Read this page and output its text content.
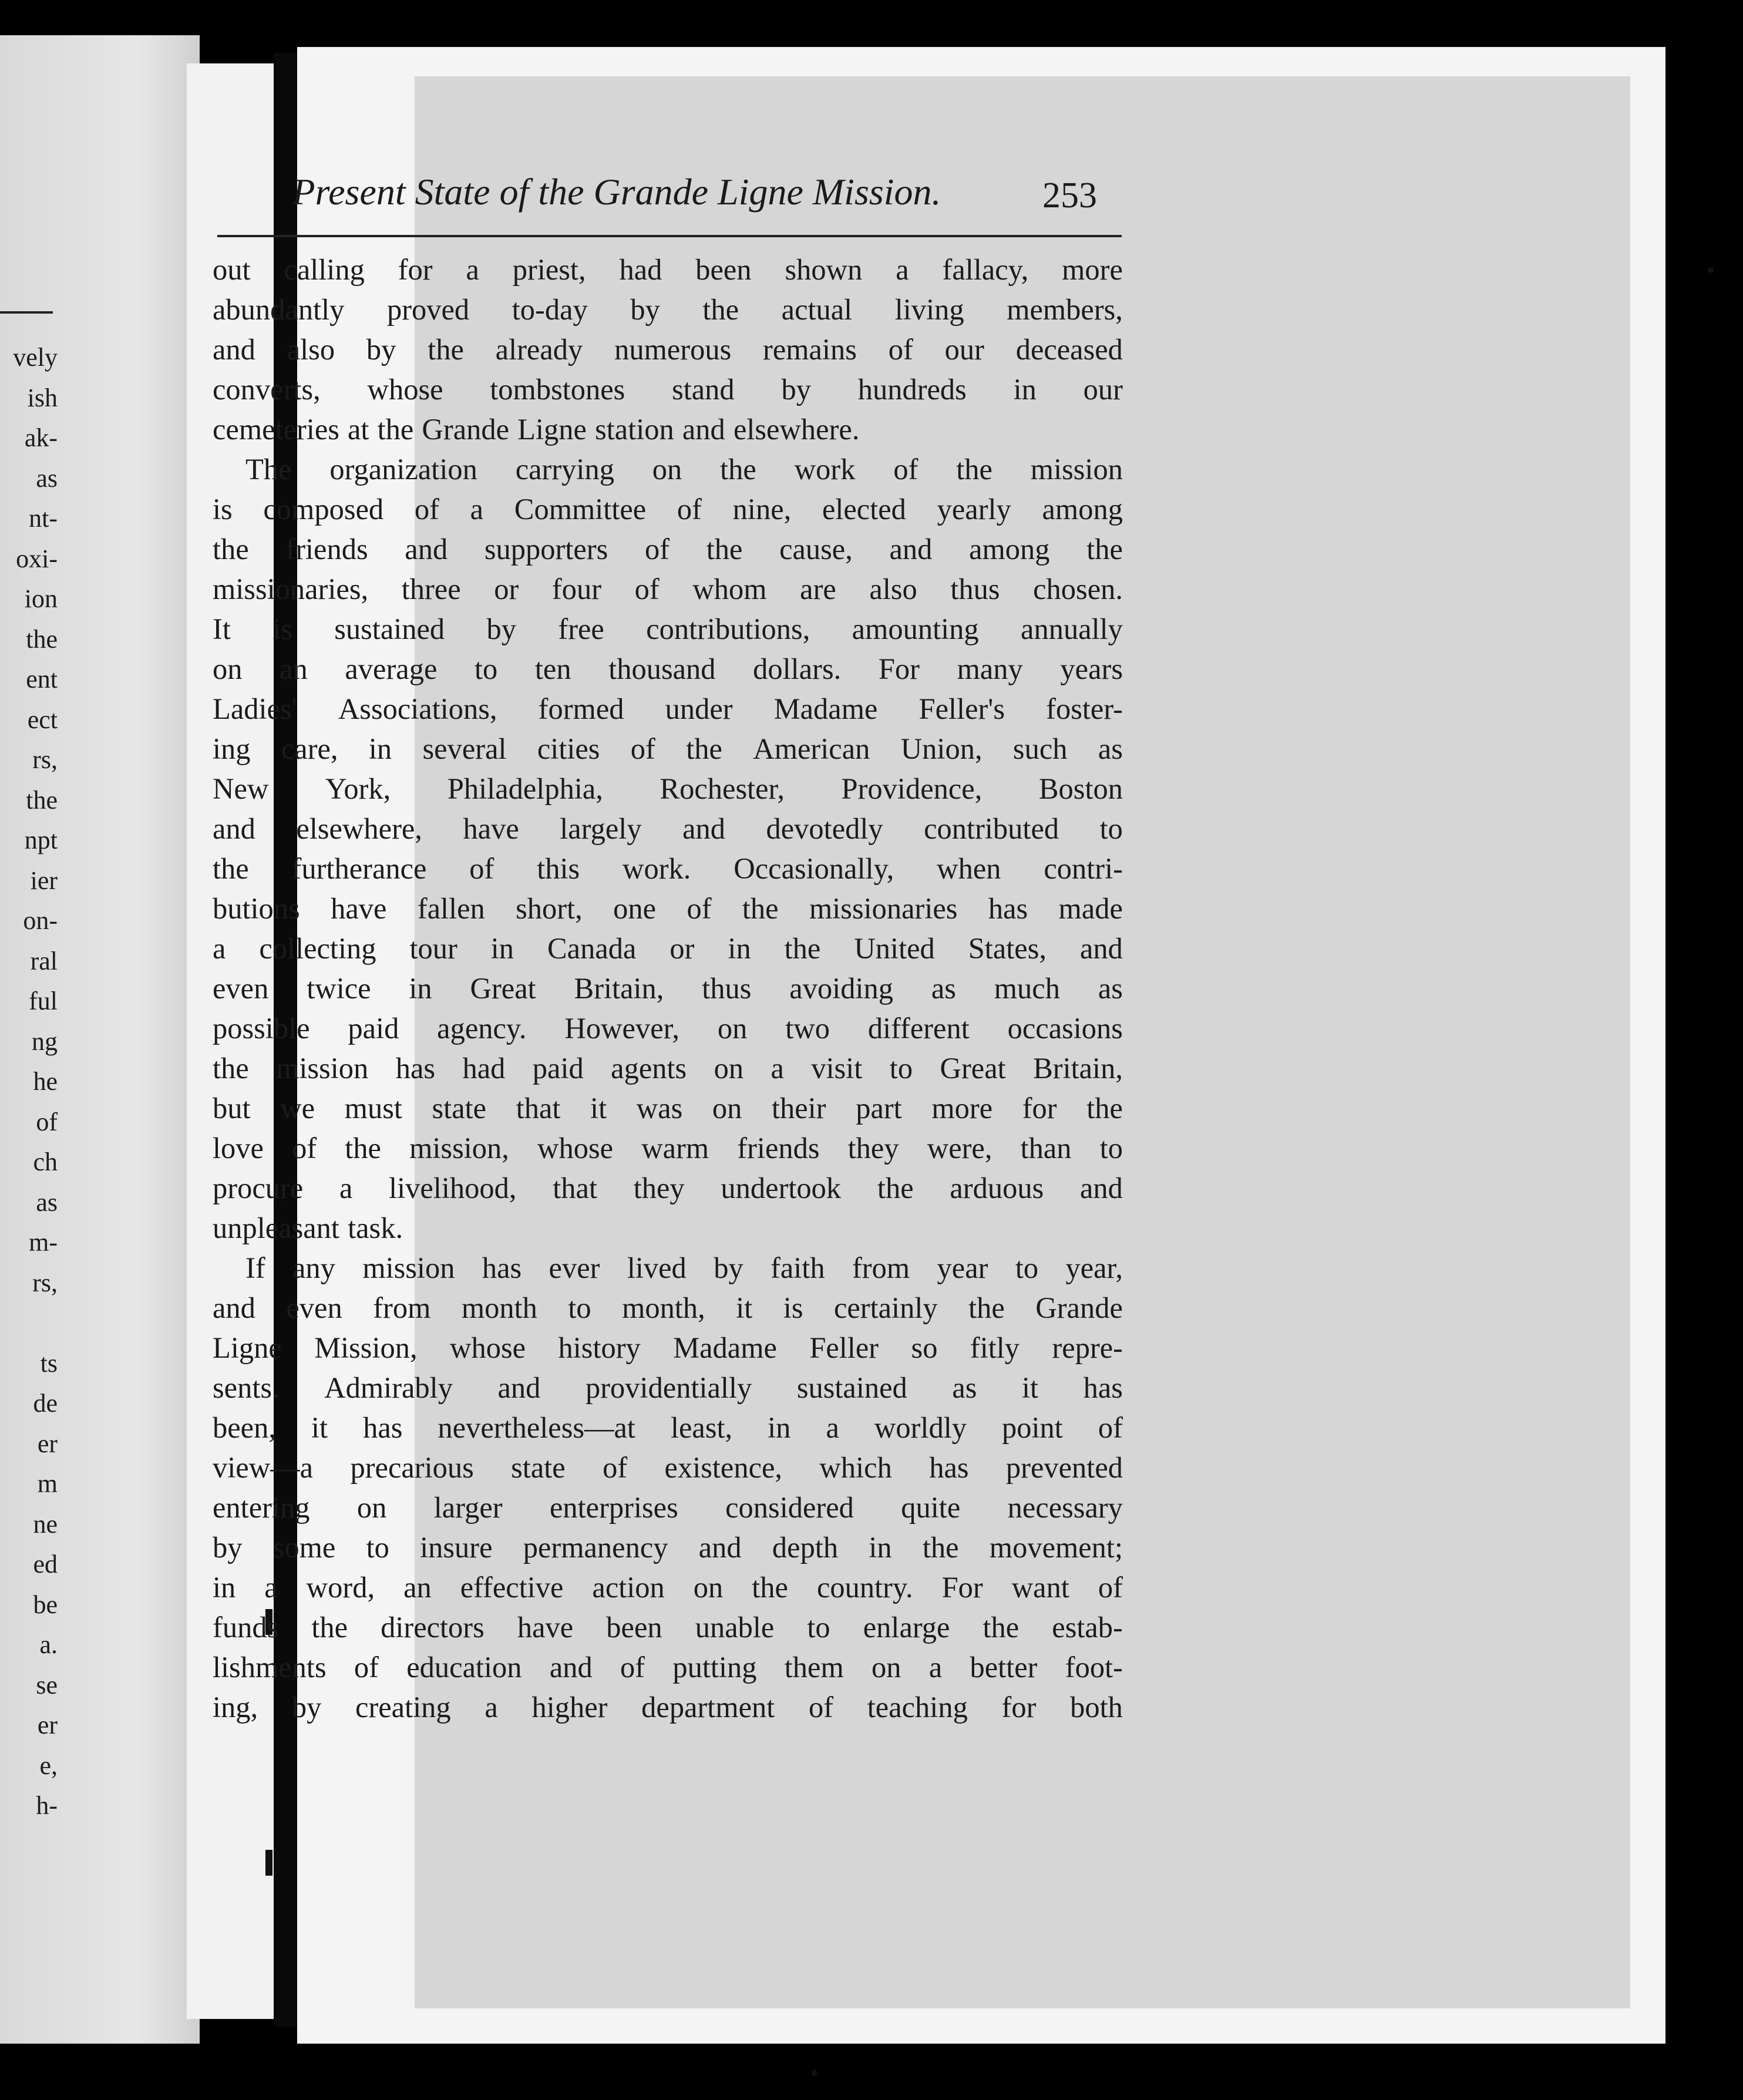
vely
ish
ak-
as
nt-
oxi-
ion
the
ent
ect
rs,
the
npt
ier
on-
ral
ful
ng
he
of
ch
as
m-
rs,
ts
de
er
m
ne
ed
be
a.
se
er
e,
h-
Present State of the Grande Ligne Mission.	253
out calling for a priest, had been shown a fallacy, more
abundantly proved to-day by the actual living members,
and also by the already numerous remains of our deceased
converts, whose tombstones stand by hundreds in our
cemeteries at the Grande Ligne station and elsewhere.
The organization carrying on the work of the mission
is composed of a Committee of nine, elected yearly among
the friends and supporters of the cause, and among the
missionaries, three or four of whom are also thus chosen.
It is sustained by free contributions, amounting annually
on an average to ten thousand dollars. For many years
Ladies' Associations, formed under Madame Feller's foster-
ing care, in several cities of the American Union, such as
New York, Philadelphia, Rochester, Providence, Boston
and elsewhere, have largely and devotedly contributed to
the furtherance of this work. Occasionally, when contri-
butions have fallen short, one of the missionaries has made
a collecting tour in Canada or in the United States, and
even twice in Great Britain, thus avoiding as much as
possible paid agency. However, on two different occasions
the mission has had paid agents on a visit to Great Britain,
but we must state that it was on their part more for the
love of the mission, whose warm friends they were, than to
procure a livelihood, that they undertook the arduous and
unpleasant task.
If any mission has ever lived by faith from year to year,
and even from month to month, it is certainly the Grande
Ligne Mission, whose history Madame Feller so fitly repre-
sents. Admirably and providentially sustained as it has
been, it has nevertheless—at least, in a worldly point of
view—a precarious state of existence, which has prevented
entering on larger enterprises considered quite necessary
by some to insure permanency and depth in the movement;
in a word, an effective action on the country. For want of
funds the directors have been unable to enlarge the estab-
lishments of education and of putting them on a better foot-
ing, by creating a higher department of teaching for both
